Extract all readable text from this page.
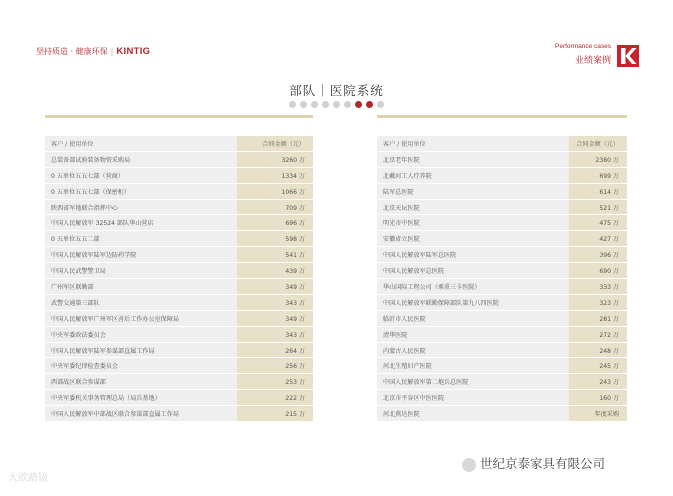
坚持质造 · 健康环保 | KINTIG	Performance cases
业绩案例
部队｜医院系统
客户 / 使用单位	合同金额（元）
总装备部试验装备物资采购局	3260 万
0 五单位五五七部（营商）	1334 万
0 五单位五五七部（保密柜）	1066 万
陕西省军地联合指挥中心	709 万
中国人民解放军 32524 部队华山营店	696 万
0 五单位五五二部	598 万
中国人民解放军陆军边防药学院	541 万
中国人民武警警卫局	439 万
广州军区联勤部	349 万
武警交通第三部队	343 万
中国人民解放军广州军区善后工作办公室保障局	349 万
中央军委政法委员会	343 万
中国人民解放军陆军参谋部直属工作局	264 万
中央军委纪律检查委员会	256 万
西部战区联合参谋部	253 万
中央军委机关事务管理总局（局兵基地）	222 万
中国人民解放军中部战区联合参谋部直属工作局	215 万
客户 / 使用单位	合同金额（元）
北京老年医院	2380 万
北戴河工人疗养院	699 万
陆军总医院	614 万
北京天坛医院	521 万
明光市中医院	475 万
安徽省立医院	427 万
中国人民解放军陆军总医院	396 万
中国人民解放军总医院	690 万
华山国际工程公司（乘重三卡医院）	333 万
中国人民解放军联勤保障部队第九八四医院	323 万
临沂市人民医院	281 万
清华医院	272 万
内蒙古人民医院	248 万
河北生殖妇产医院	245 万
中国人民解放军第二炮兵总医院	243 万
北京市平谷区中医医院	160 万
河北燕达医院	年度采购
大欲踏镜
世纪京泰家具有限公司
